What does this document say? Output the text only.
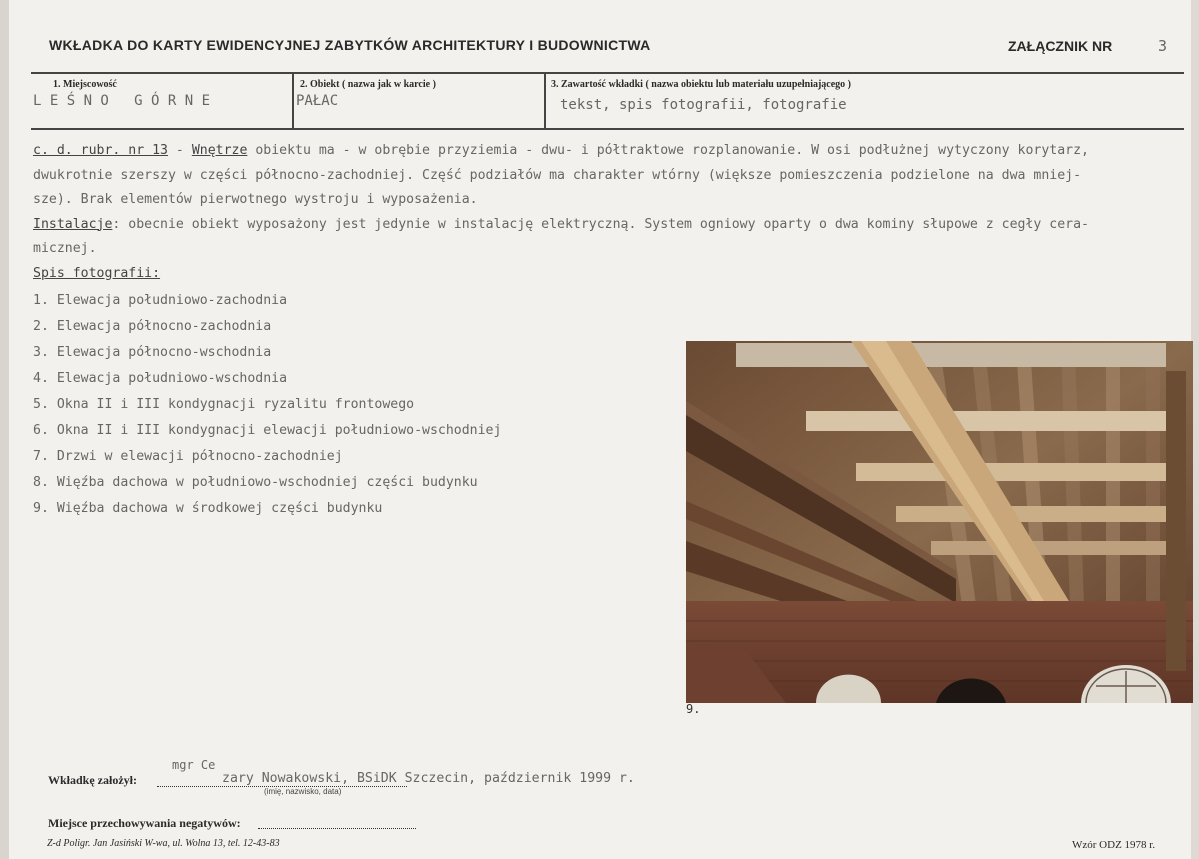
WKŁADKA DO KARTY EWIDENCYJNEJ ZABYTKÓW ARCHITEKTURY I BUDOWNICTWA	ZAŁĄCZNIK NR	3
1. Miejscowość
L E Ś N O   G Ó R N E
2. Obiekt ( nazwa jak w karcie )
PAŁAC
3. Zawartość wkładki ( nazwa obiektu lub materiału uzupełniającego )
tekst, spis fotografii, fotografie
c. d. rubr. nr 13 - Wnętrze obiektu ma - w obrębie przyziemia - dwu- i półtraktowe rozplanowanie. W osi podłużnej wytyczony korytarz,
dwukrotnie szerszy w części północno-zachodniej. Część podziałów ma charakter wtórny (większe pomieszczenia podzielone na dwa mniej-
sze). Brak elementów pierwotnego wystroju i wyposażenia.
Instalacje: obecnie obiekt wyposażony jest jedynie w instalację elektryczną. System ogniowy oparty o dwa kominy słupowe z cegły cera-
micznej.
Spis fotografii:
1. Elewacja południowo-zachodnia
2. Elewacja północno-zachodnia
3. Elewacja północno-wschodnia
4. Elewacja południowo-wschodnia
5. Okna II i III kondygnacji ryzalitu frontowego
6. Okna II i III kondygnacji elewacji południowo-wschodniej
7. Drzwi w elewacji północno-zachodniej
8. Więźba dachowa w południowo-wschodniej części budynku
9. Więźba dachowa w środkowej części budynku
9.
Wkładkę założył:
mgr Ce
zary Nowakowski, BSiDK Szczecin, październik 1999 r.
(imię, nazwisko, data)
Miejsce przechowywania negatywów:
Z-d Poligr. Jan Jasiński W-wa, ul. Wolna 13, tel. 12-43-83	Wzór ODZ 1978 r.
